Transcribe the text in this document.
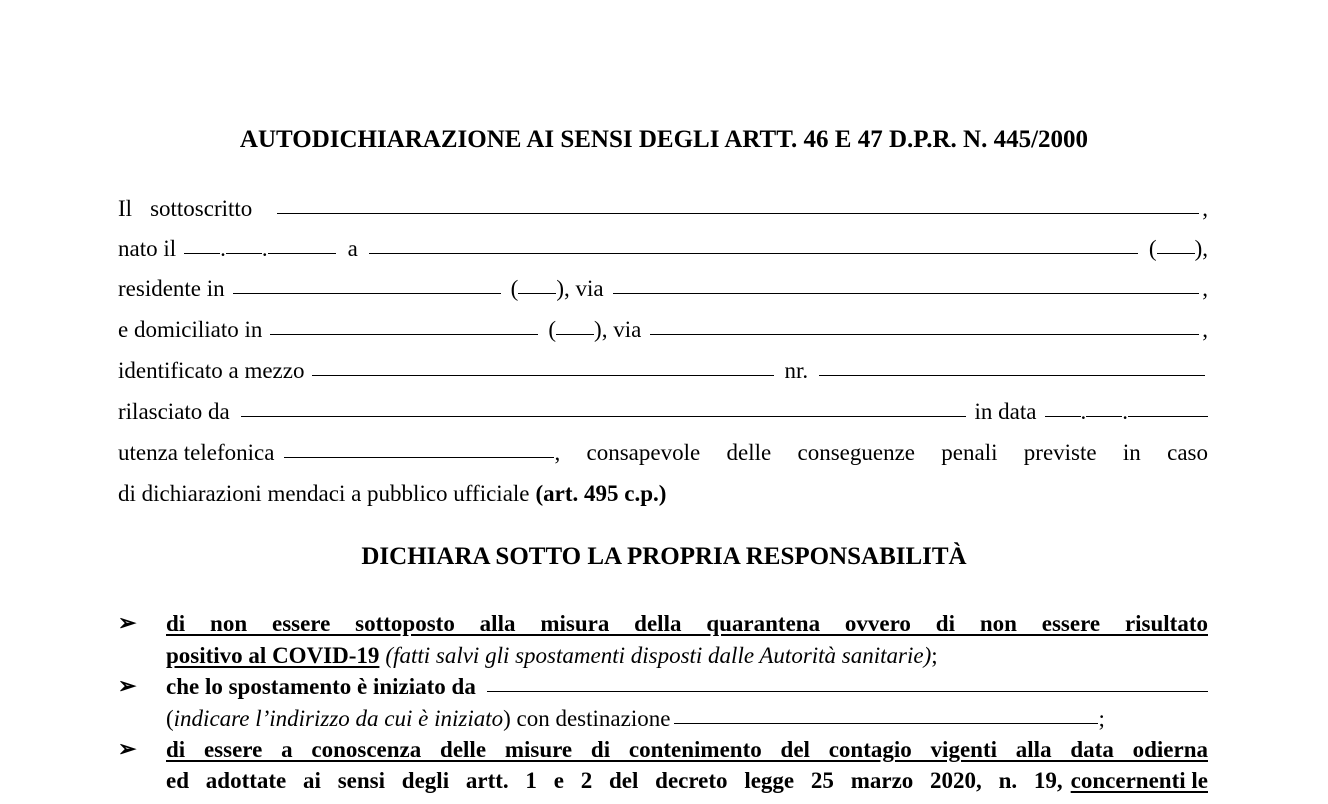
AUTODICHIARAZIONE AI SENSI DEGLI ARTT. 46 E 47 D.P.R. N. 445/2000
Il sottoscritto	,
nato il . .	a	( ),
residente in	( ), via	,
e domiciliato in	( ), via	,
identificato a mezzo	nr.
rilasciato da	in data . .
utenza telefonica	, consapevole delle conseguenze penali previste in caso
di dichiarazioni mendaci a pubblico ufficiale (art. 495 c.p.)
DICHIARA SOTTO LA PROPRIA RESPONSABILITÀ
➢ di non essere sottoposto alla misura della quarantena ovvero di non essere risultato
positivo al COVID-19 (fatti salvi gli spostamenti disposti dalle Autorità sanitarie) ;
➢ che lo spostamento è iniziato da
( indicare l’indirizzo da cui è iniziato ) con destinazione	;
➢ di essere a conoscenza delle misure di contenimento del contagio vigenti alla data odierna
ed adottate ai sensi degli artt. 1 e 2 del decreto legge 25 marzo 2020, n. 19, concernenti le
